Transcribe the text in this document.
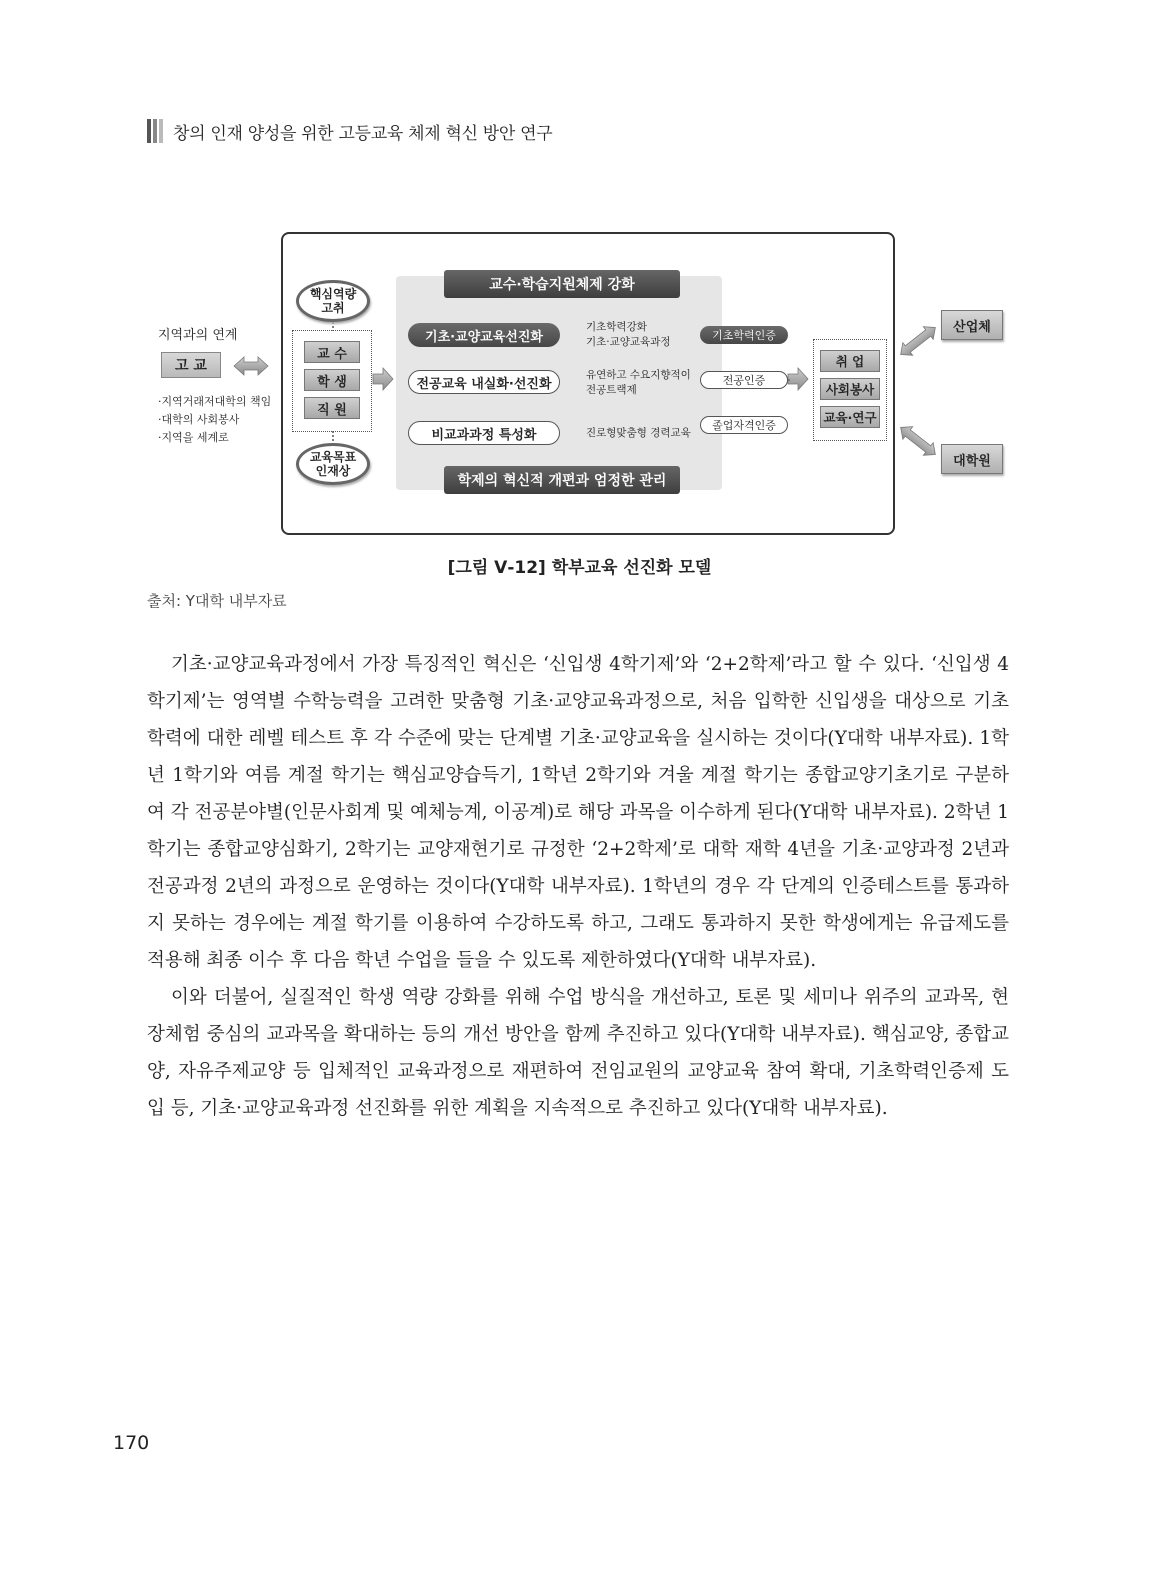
창의 인재 양성을 위한 고등교육 체제 혁신 방안 연구
지역과의 연계
고 교
·지역거래저대학의 책임
·대학의 사회봉사
·지역을 세계로
핵심역량
고취
교 수
학 생
직 원
교육목표
인재상
교수·학습지원체제 강화
학제의 혁신적 개편과 엄정한 관리
기초·교양교육선진화
전공교육 내실화·선진화
비교과과정 특성화
기초학력강화
기초·교양교육과정
유연하고 수요지향적이
전공트랙제
진로형맞춤형 경력교육
기초학력인증
전공인증
졸업자격인증
취 업
사회봉사
교육·연구
산업체
대학원
[그림 Ⅴ-12] 학부교육 선진화 모델
출처: Y대학 내부자료

기초·교양교육과정에서 가장 특징적인 혁신은 ‘신입생 4학기제’와 ‘2+2학제’라고 할 수 있다. ‘신입생 4학기제’는 영역별 수학능력을 고려한 맞춤형 기초·교양교육과정으로, 처음 입학한 신입생을 대상으로 기초학력에 대한 레벨 테스트 후 각 수준에 맞는 단계별 기초·교양교육을 실시하는 것이다(Y대학 내부자료). 1학년 1학기와 여름 계절 학기는 핵심교양습득기, 1학년 2학기와 겨울 계절 학기는 종합교양기초기로 구분하여 각 전공분야별(인문사회계 및 예체능계, 이공계)로 해당 과목을 이수하게 된다(Y대학 내부자료). 2학년 1학기는 종합교양심화기, 2학기는 교양재현기로 규정한 ‘2+2학제’로 대학 재학 4년을 기초·교양과정 2년과 전공과정 2년의 과정으로 운영하는 것이다(Y대학 내부자료). 1학년의 경우 각 단계의 인증테스트를 통과하지 못하는 경우에는 계절 학기를 이용하여 수강하도록 하고, 그래도 통과하지 못한 학생에게는 유급제도를 적용해 최종 이수 후 다음 학년 수업을 들을 수 있도록 제한하였다(Y대학 내부자료).

이와 더불어, 실질적인 학생 역량 강화를 위해 수업 방식을 개선하고, 토론 및 세미나 위주의 교과목, 현장체험 중심의 교과목을 확대하는 등의 개선 방안을 함께 추진하고 있다(Y대학 내부자료). 핵심교양, 종합교양, 자유주제교양 등 입체적인 교육과정으로 재편하여 전임교원의 교양교육 참여 확대, 기초학력인증제 도입 등, 기초·교양교육과정 선진화를 위한 계획을 지속적으로 추진하고 있다(Y대학 내부자료).

170
